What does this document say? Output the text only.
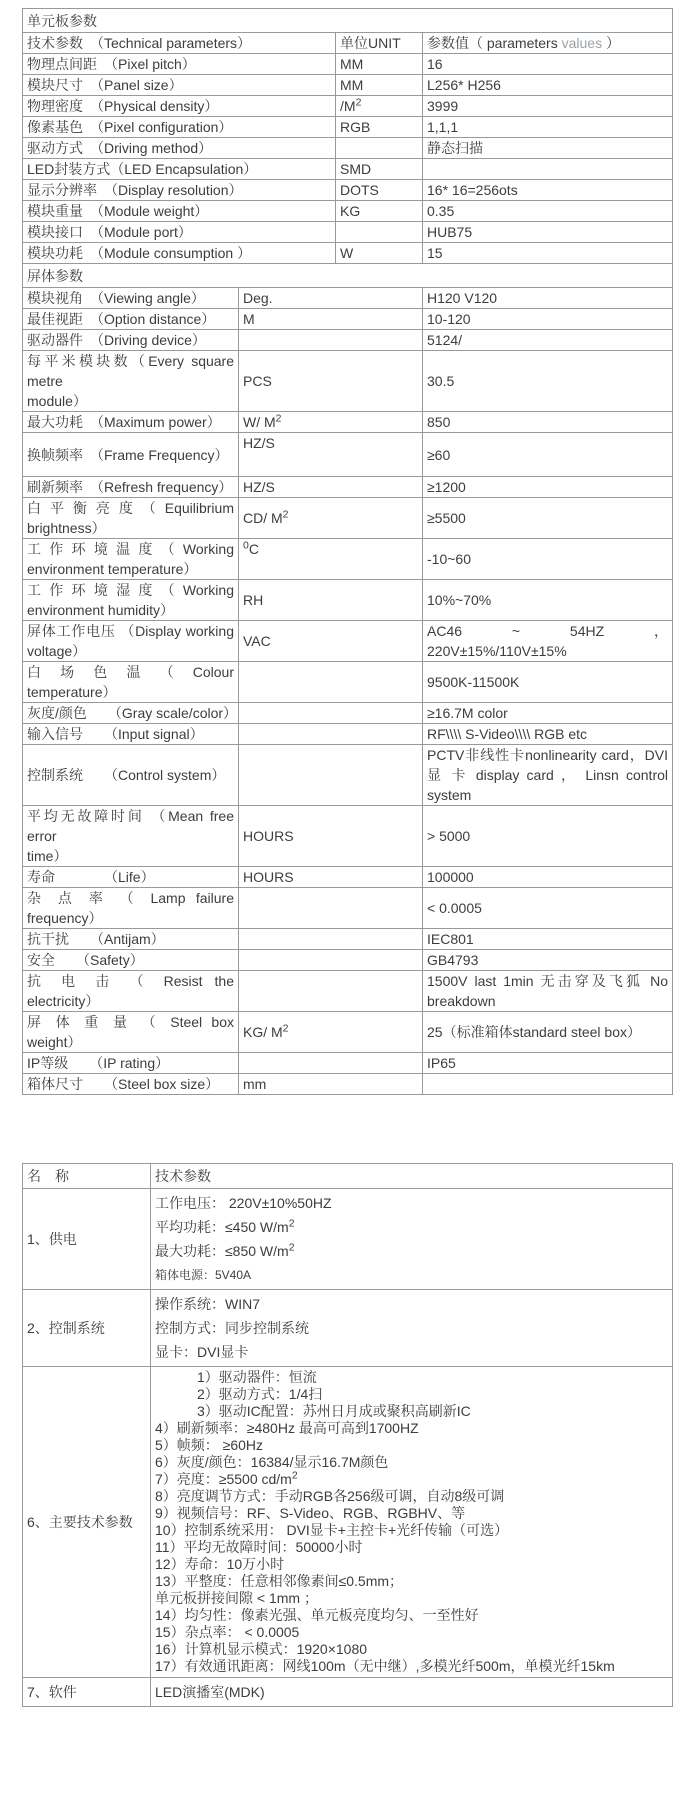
单元板参数			
技术参数　（Technical parameters）		单位UNIT	参数值（ parameters values ）
物理点间距　（Pixel pitch）		MM	16
模块尺寸　（Panel size）		MM	L256* H256
物理密度　（Physical density）		$/M^2$	3999
像素基色　（Pixel configuration）		RGB	1,1,1
驱动方式　（Driving method）			静态扫描
LED封装方式（LED Encapsulation）		SMD	
显示分辨率　（Display resolution）		DOTS	16* 16=256ots
模块重量　（Module weight）		KG	0.35
模块接口　（Module port）			HUB75
模块功耗　（Module consumption ）		W	15
屏体参数			
模块视角　（Viewing angle）	Deg.		H120 V120
最佳视距　（Option distance）	M		10-120
驱动器件　（Driving device）			5124/

每平米模块数（Every square metre
module）	PCS		30.5
最大功耗　（Maximum power）	W/ $M^2$		850
换帧频率　（Frame Frequency）	HZ/S		≥60
刷新频率　（Refresh frequency）	HZ/S		≥1200

白 平 衡 亮 度 （ Equilibrium
brightness）	CD/ $M^2$		≥5500

工 作 环 境 温 度 （ Working
environment temperature）	$^0$C		-10~60

工 作 环 境 湿 度 （ Working
environment humidity）	RH		10%~70%

屏体工作电压 （Display working
voltage）	VAC		AC46 ~ 54HZ ，
220V±15%/110V±15%

白 场 色 温 （ Colour
temperature）			9500K-11500K
灰度/颜色　　（Gray scale/color）			≥16.7M color
输入信号　　（Input signal）			RF\\\\ S-Video\\\\ RGB etc
控制系统　　（Control system）			PCTV非线性卡nonlinearity card，DVI
显 卡 display card ， Linsn control
system

平均无故障时间 （Mean free error
time）	HOURS		> 5000
寿命　　　　（Life）	HOURS		100000

杂 点 率 （ Lamp failure
frequency）			< 0.0005
抗干扰　　（Antijam）			IEC801
安全　　（Safety）			GB4793

抗 电 击 （ Resist the
electricity）			1500V last 1min 无击穿及飞狐 No
breakdown

屏 体 重 量 （ Steel box
weight）	KG/ $M^2$		25（标准箱体standard steel box）
IP等级　　（IP rating）			IP65
箱体尺寸　　（Steel box size）	mm		
名　称	技术参数
1、供电	工作电压： 220V±10%50HZ
平均功耗：≤450 $W/m^2$
最大功耗：≤850 $W/m^2$
箱体电源：5V40A

2、控制系统	操作系统：WIN7
控制方式：同步控制系统
显卡：DVI显卡

6、主要技术参数	
　　　1）驱动器件：恒流
　　　2）驱动方式：1/4扫
　　　3）驱动IC配置：苏州日月成或聚积高刷新IC
4）刷新频率：≥480Hz 最高可高到1700HZ
5）帧频： ≥60Hz
6）灰度/颜色：16384/显示16.7M颜色
7）亮度：≥5500 $cd/m^2$
8）亮度调节方式：手动RGB各256级可调，自动8级可调
9）视频信号：RF、S-Video、RGB、RGBHV、等
10）控制系统采用： DVI显卡+主控卡+光纤传输（可选）
11）平均无故障时间：50000小时
12）寿命：10万小时
13）平整度：任意相邻像素间≤0.5mm；
单元板拼接间隙 < 1mm ；
14）均匀性：像素光强、单元板亮度均匀、一至性好
15）杂点率： < 0.0005
16）计算机显示模式：1920×1080
17）有效通讯距离：网线100m（无中继）,多模光纤500m，单模光纤15km

7、软件	LED演播室(MDK)
